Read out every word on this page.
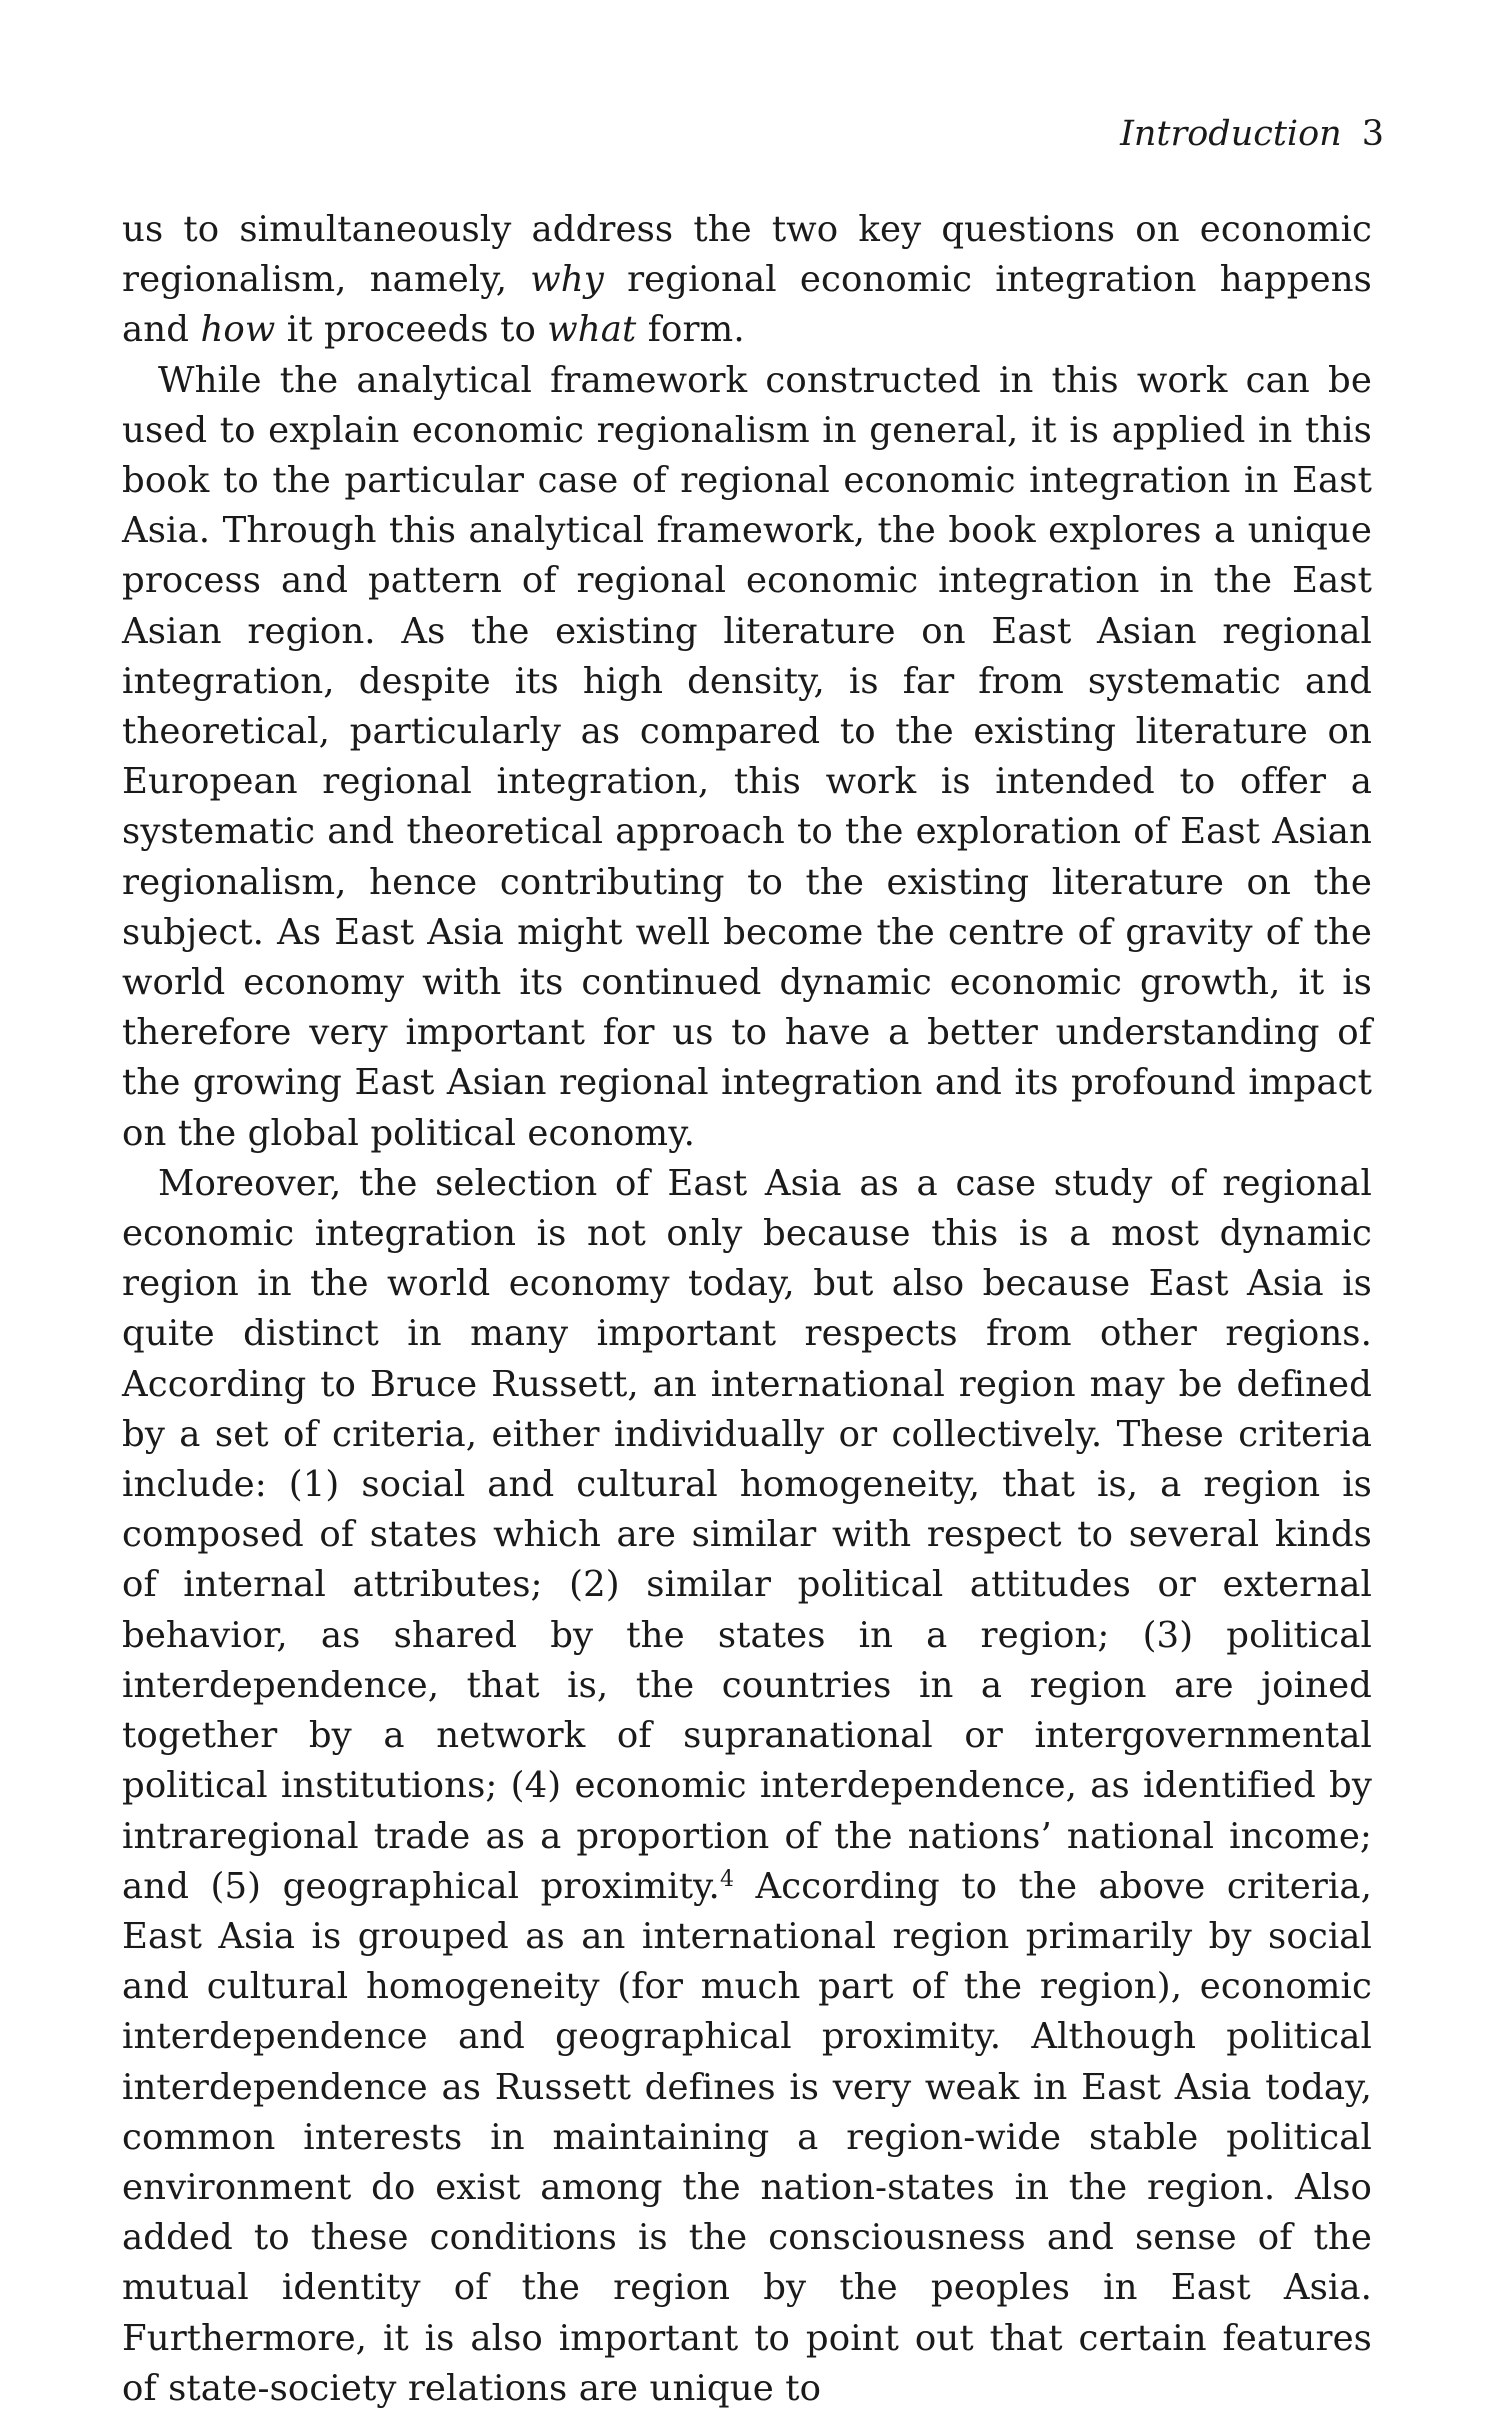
Introduction 3

us to simultaneously address the two key questions on economic regionalism, namely, why regional economic integration happens and how it proceeds to what form.

While the analytical framework constructed in this work can be used to explain economic regionalism in general, it is applied in this book to the particular case of regional economic integration in East Asia. Through this analytical framework, the book explores a unique process and pattern of regional economic integration in the East Asian region. As the existing literature on East Asian regional integration, despite its high density, is far from systematic and theoretical, particularly as compared to the existing literature on European regional integration, this work is intended to offer a systematic and theoretical approach to the exploration of East Asian regionalism, hence contributing to the existing literature on the subject. As East Asia might well become the centre of gravity of the world economy with its continued dynamic economic growth, it is therefore very important for us to have a better understanding of the growing East Asian regional integration and its profound impact on the global political economy.

Moreover, the selection of East Asia as a case study of regional economic integration is not only because this is a most dynamic region in the world economy today, but also because East Asia is quite distinct in many important respects from other regions. According to Bruce Russett, an international region may be defined by a set of criteria, either individually or collectively. These criteria include: (1) social and cultural homogeneity, that is, a region is composed of states which are similar with respect to several kinds of internal attributes; (2) similar political attitudes or external behavior, as shared by the states in a region; (3) political interdependence, that is, the countries in a region are joined together by a network of supranational or intergovernmental political institutions; (4) economic interdependence, as identified by intraregional trade as a proportion of the nations’ national income; and (5) geographical proximity.$^4$ According to the above criteria, East Asia is grouped as an international region primarily by social and cultural homogeneity (for much part of the region), economic interdependence and geographical proximity. Although political interdependence as Russett defines is very weak in East Asia today, common interests in maintaining a region-wide stable political environment do exist among the nation-states in the region. Also added to these conditions is the consciousness and sense of the mutual identity of the region by the peoples in East Asia. Furthermore, it is also important to point out that certain features of state-society relations are unique to
